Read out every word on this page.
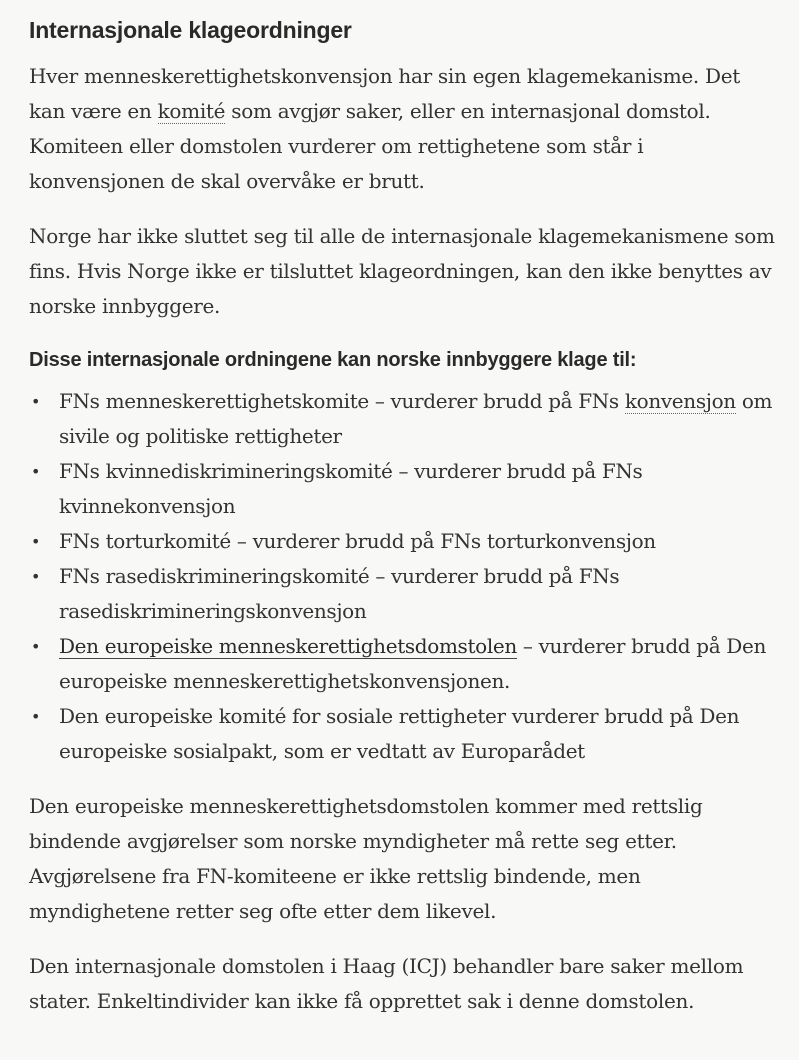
Internasjonale klageordninger

Hver menneskerettighetskonvensjon har sin egen klagemekanisme. Det kan være en komité som avgjør saker, eller en internasjonal domstol. Komiteen eller domstolen vurderer om rettighetene som står i konvensjonen de skal overvåke er brutt.

Norge har ikke sluttet seg til alle de internasjonale klagemekanismene som fins. Hvis Norge ikke er tilsluttet klageordningen, kan den ikke benyttes av norske innbyggere.

Disse internasjonale ordningene kan norske innbyggere klage til:
• FNs menneskerettighetskomite – vurderer brudd på FNs konvensjon om sivile og politiske rettigheter
• FNs kvinnediskrimineringskomité – vurderer brudd på FNs kvinnekonvensjon
• FNs torturkomité – vurderer brudd på FNs torturkonvensjon
• FNs rasediskrimineringskomité – vurderer brudd på FNs rasediskrimineringskonvensjon
• Den europeiske menneskerettighetsdomstolen – vurderer brudd på Den europeiske menneskerettighetskonvensjonen.
• Den europeiske komité for sosiale rettigheter vurderer brudd på Den europeiske sosialpakt, som er vedtatt av Europarådet

Den europeiske menneskerettighetsdomstolen kommer med rettslig bindende avgjørelser som norske myndigheter må rette seg etter. Avgjørelsene fra FN-komiteene er ikke rettslig bindende, men myndighetene retter seg ofte etter dem likevel.

Den internasjonale domstolen i Haag (ICJ) behandler bare saker mellom stater. Enkeltindivider kan ikke få opprettet sak i denne domstolen.
